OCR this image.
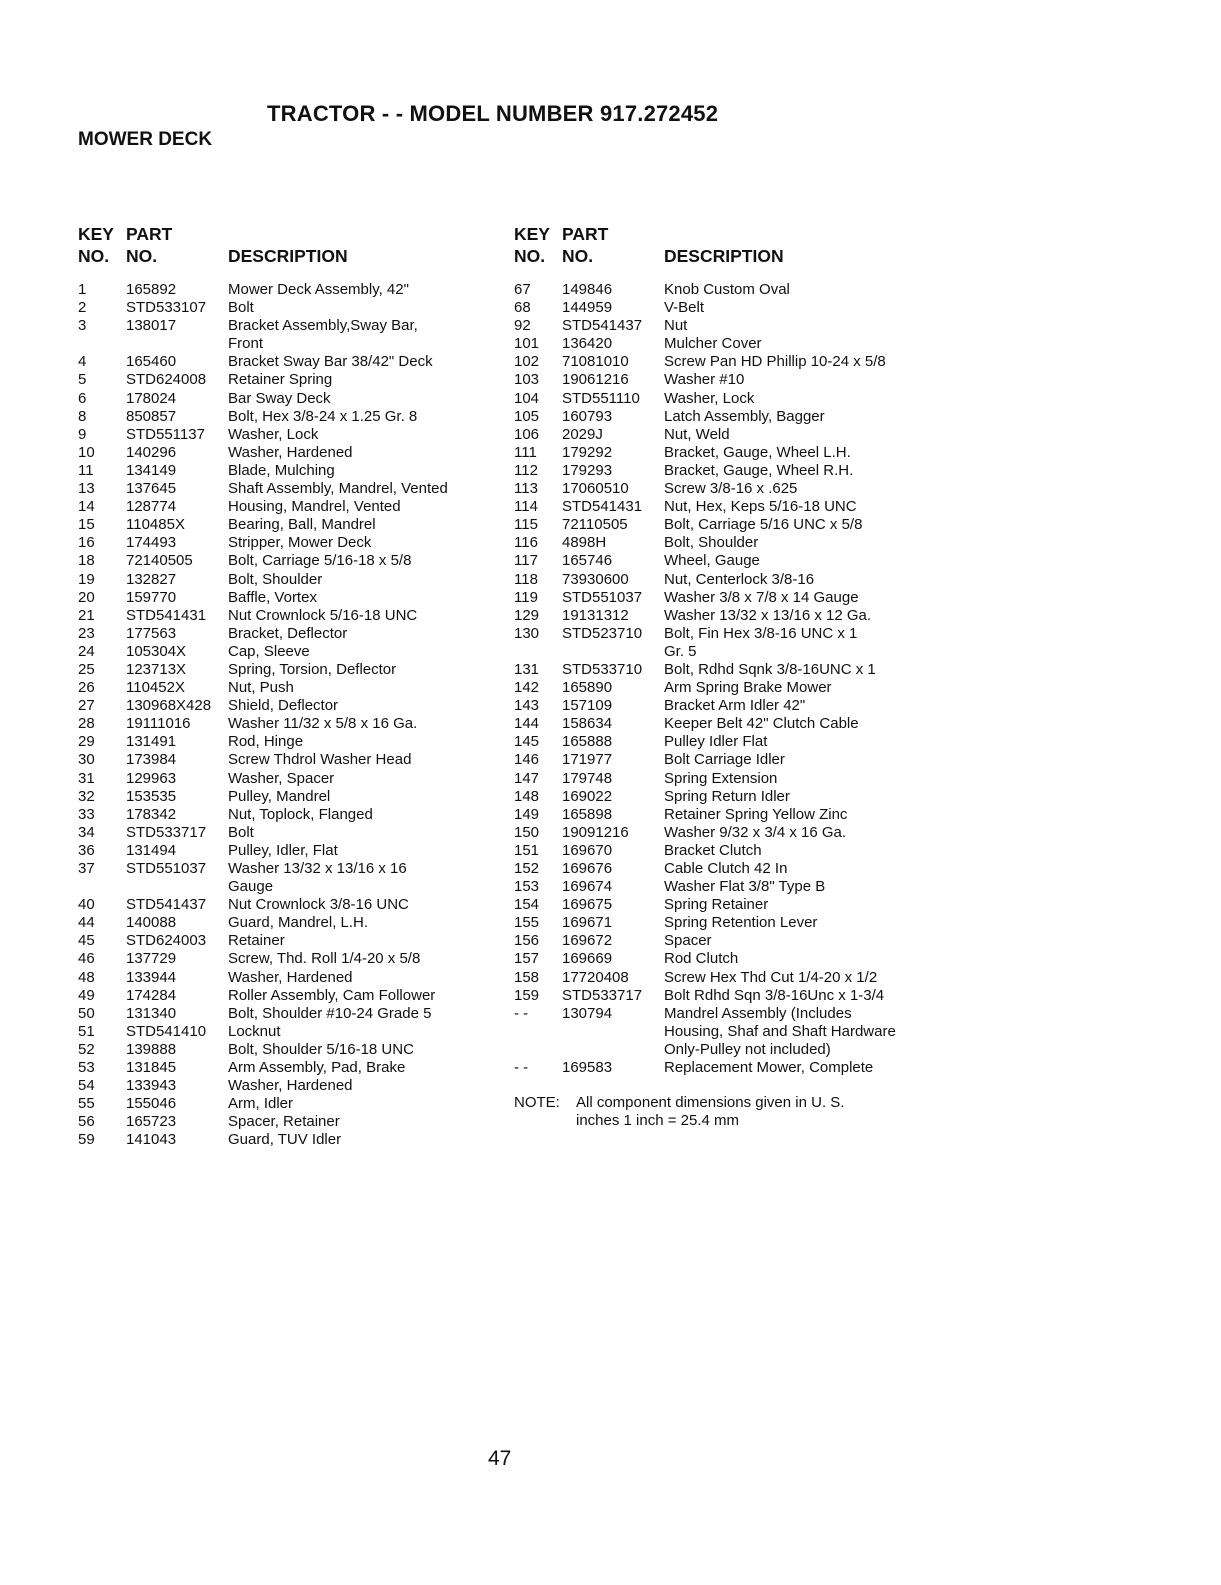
TRACTOR - - MODEL NUMBER 917.272452
MOWER DECK
KEY
NO.
PART
NO.	DESCRIPTION
1	165892	Mower Deck Assembly, 42"
2	STD533107	Bolt
3	138017	Bracket Assembly,Sway Bar,
Front
4	165460	Bracket Sway Bar 38/42" Deck
5	STD624008	Retainer Spring
6	178024	Bar Sway Deck
8	850857	Bolt, Hex 3/8-24 x 1.25 Gr. 8
9	STD551137	Washer, Lock
10	140296	Washer, Hardened
11	134149	Blade, Mulching
13	137645	Shaft Assembly, Mandrel, Vented
14	128774	Housing, Mandrel, Vented
15	110485X	Bearing, Ball, Mandrel
16	174493	Stripper, Mower Deck
18	72140505	Bolt, Carriage 5/16-18 x 5/8
19	132827	Bolt, Shoulder
20	159770	Baffle, Vortex
21	STD541431	Nut Crownlock 5/16-18 UNC
23	177563	Bracket, Deflector
24	105304X	Cap, Sleeve
25	123713X	Spring, Torsion, Deflector
26	110452X	Nut, Push
27	130968X428	Shield, Deflector
28	19111016	Washer 11/32 x 5/8 x 16 Ga.
29	131491	Rod, Hinge
30	173984	Screw Thdrol Washer Head
31	129963	Washer, Spacer
32	153535	Pulley, Mandrel
33	178342	Nut, Toplock, Flanged
34	STD533717	Bolt
36	131494	Pulley, Idler, Flat
37	STD551037	Washer 13/32 x 13/16 x 16
Gauge
40	STD541437	Nut Crownlock 3/8-16 UNC
44	140088	Guard, Mandrel, L.H.
45	STD624003	Retainer
46	137729	Screw, Thd. Roll 1/4-20 x 5/8
48	133944	Washer, Hardened
49	174284	Roller Assembly, Cam Follower
50	131340	Bolt, Shoulder #10-24 Grade 5
51	STD541410	Locknut
52	139888	Bolt, Shoulder 5/16-18 UNC
53	131845	Arm Assembly, Pad, Brake
54	133943	Washer, Hardened
55	155046	Arm, Idler
56	165723	Spacer, Retainer
59	141043	Guard, TUV Idler
KEY
NO.
PART
NO.	DESCRIPTION
67	149846	Knob Custom Oval
68	144959	V-Belt
92	STD541437	Nut
101	136420	Mulcher Cover
102	71081010	Screw Pan HD Phillip 10-24 x 5/8
103	19061216	Washer #10
104	STD551110	Washer, Lock
105	160793	Latch Assembly, Bagger
106	2029J	Nut, Weld
111	179292	Bracket, Gauge, Wheel L.H.
112	179293	Bracket, Gauge, Wheel R.H.
113	17060510	Screw 3/8-16 x .625
114	STD541431	Nut, Hex, Keps 5/16-18 UNC
115	72110505	Bolt, Carriage 5/16 UNC x 5/8
116	4898H	Bolt, Shoulder
117	165746	Wheel, Gauge
118	73930600	Nut, Centerlock 3/8-16
119	STD551037	Washer 3/8 x 7/8 x 14 Gauge
129	19131312	Washer 13/32 x 13/16 x 12 Ga.
130	STD523710	Bolt, Fin Hex 3/8-16 UNC x 1
Gr. 5
131	STD533710	Bolt, Rdhd Sqnk 3/8-16UNC x 1
142	165890	Arm Spring Brake Mower
143	157109	Bracket Arm Idler 42"
144	158634	Keeper Belt 42" Clutch Cable
145	165888	Pulley Idler Flat
146	171977	Bolt Carriage Idler
147	179748	Spring Extension
148	169022	Spring Return Idler
149	165898	Retainer Spring Yellow Zinc
150	19091216	Washer 9/32 x 3/4 x 16 Ga.
151	169670	Bracket Clutch
152	169676	Cable Clutch 42 In
153	169674	Washer Flat 3/8" Type B
154	169675	Spring Retainer
155	169671	Spring Retention Lever
156	169672	Spacer
157	169669	Rod Clutch
158	17720408	Screw Hex Thd Cut 1/4-20 x 1/2
159	STD533717	Bolt Rdhd Sqn 3/8-16Unc x 1-3/4
- -	130794	Mandrel Assembly (Includes
Housing, Shaf and Shaft Hardware
Only-Pulley not included)
- -	169583	Replacement Mower, Complete
NOTE: All component dimensions given in U. S.
inches 1 inch = 25.4 mm
47
